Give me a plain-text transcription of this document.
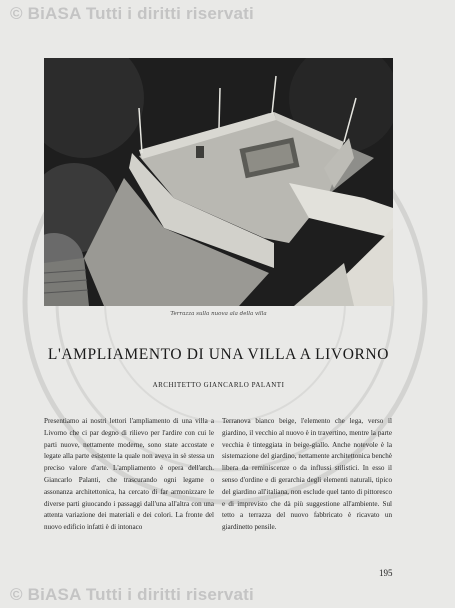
© BiASA Tutti i diritti riservati
Terrazza sulla nuova ala della villa
L'AMPLIAMENTO DI UNA VILLA A LIVORNO
ARCHITETTO GIANCARLO PALANTI
Presentiamo ai nostri lettori l'ampliamento di una villa a Livorno che ci par degno di rilievo per l'ardire con cui le parti nuove, nettamente moderne, sono state accostate e legate alla parte esistente la quale non aveva in sè stessa un preciso valore d'arte. L'ampliamento è opera dell'arch. Giancarlo Palanti, che trascurando ogni legame o assonanza architettonica, ha cercato di far armonizzare le diverse parti giuocando i passaggi dall'una all'altra con una attenta variazione dei materiali e dei colori. La fronte del nuovo edificio infatti è di intonaco
Terranova bianco beige, l'elemento che lega, verso il giardino, il vecchio al nuovo è in travertino, mentre la parte vecchia è tinteggiata in beige-giallo. Anche notevole è la sistemazione del giardino, nettamente architettonica benchè libera da reminiscenze o da influssi stilistici. In esso il senso d'ordine e di gerarchia degli elementi naturali, tipico del giardino all'italiana, non esclude quel tanto di pittoresco e di imprevisto che dà più suggestione all'ambiente. Sul tetto a terrazza del nuovo fabbricato è ricavato un giardinetto pensile.
195
© BiASA Tutti i diritti riservati
